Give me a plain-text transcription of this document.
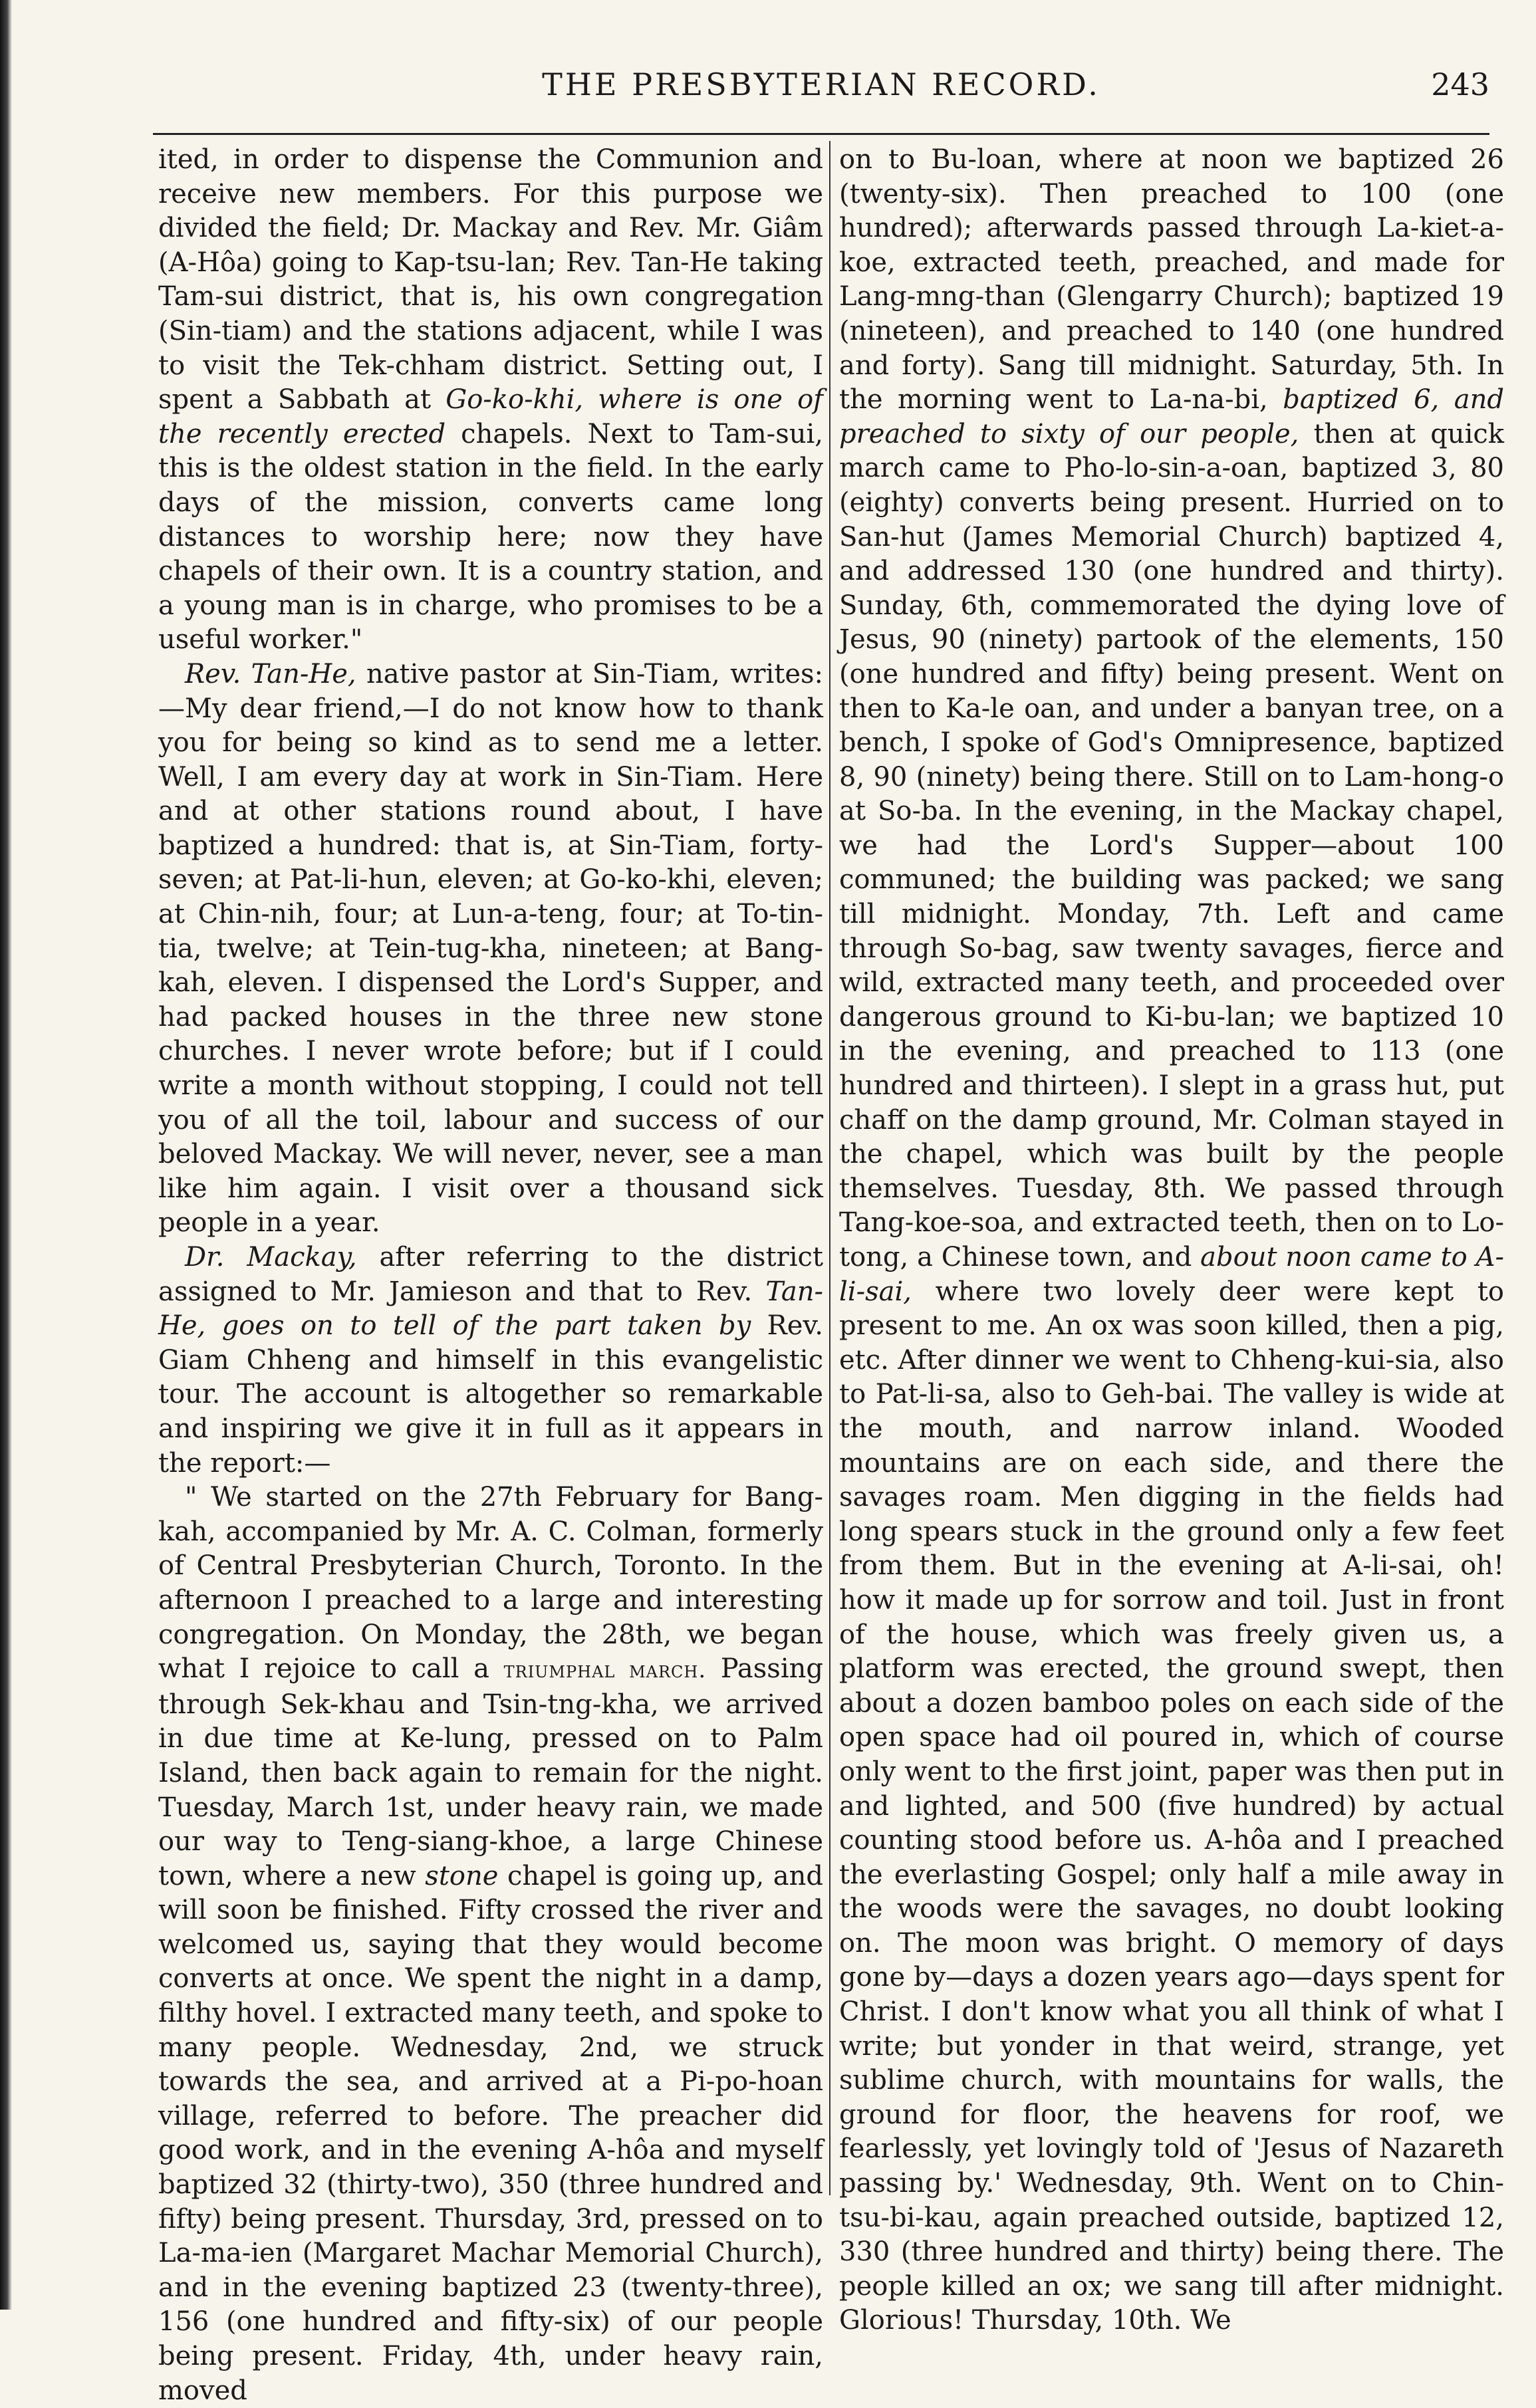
THE PRESBYTERIAN RECORD.	243

ited, in order to dispense the Communion and receive new members. For this purpose we divided the field; Dr. Mackay and Rev. Mr. Giâm (A-Hôa) going to Kap-tsu-lan; Rev. Tan-He taking Tam-sui district, that is, his own congregation (Sin-tiam) and the stations adjacent, while I was to visit the Tek-chham district. Setting out, I spent a Sabbath at Go-ko-khi, where is one of the recently erected chapels. Next to Tam-sui, this is the oldest station in the field. In the early days of the mission, converts came long distances to worship here; now they have chapels of their own. It is a country station, and a young man is in charge, who promises to be a useful worker."

Rev. Tan-He, native pastor at Sin-Tiam, writes:—My dear friend,—I do not know how to thank you for being so kind as to send me a letter. Well, I am every day at work in Sin-Tiam. Here and at other stations round about, I have baptized a hundred: that is, at Sin-Tiam, forty-seven; at Pat-li-hun, eleven; at Go-ko-khi, eleven; at Chin-nih, four; at Lun-a-teng, four; at To-tin-tia, twelve; at Tein-tug-kha, nineteen; at Bang-kah, eleven. I dispensed the Lord's Supper, and had packed houses in the three new stone churches. I never wrote before; but if I could write a month without stopping, I could not tell you of all the toil, labour and success of our beloved Mackay. We will never, never, see a man like him again. I visit over a thousand sick people in a year.

Dr. Mackay, after referring to the district assigned to Mr. Jamieson and that to Rev. Tan-He, goes on to tell of the part taken by Rev. Giam Chheng and himself in this evangelistic tour. The account is altogether so remarkable and inspiring we give it in full as it appears in the report:—

" We started on the 27th February for Bang-kah, accompanied by Mr. A. C. Colman, formerly of Central Presbyterian Church, Toronto. In the afternoon I preached to a large and interesting congregation. On Monday, the 28th, we began what I rejoice to call a triumphal march. Passing through Sek-khau and Tsin-tng-kha, we arrived in due time at Ke-lung, pressed on to Palm Island, then back again to remain for the night. Tuesday, March 1st, under heavy rain, we made our way to Teng-siang-khoe, a large Chinese town, where a new stone chapel is going up, and will soon be finished. Fifty crossed the river and welcomed us, saying that they would become converts at once. We spent the night in a damp, filthy hovel. I extracted many teeth, and spoke to many people. Wednesday, 2nd, we struck towards the sea, and arrived at a Pi-po-hoan village, referred to before. The preacher did good work, and in the evening A-hôa and myself baptized 32 (thirty-two), 350 (three hundred and fifty) being present. Thursday, 3rd, pressed on to La-ma-ien (Margaret Machar Memorial Church), and in the evening baptized 23 (twenty-three), 156 (one hundred and fifty-six) of our people being present. Friday, 4th, under heavy rain, moved

on to Bu-loan, where at noon we baptized 26 (twenty-six). Then preached to 100 (one hundred); afterwards passed through La-kiet-a-koe, extracted teeth, preached, and made for Lang-mng-than (Glengarry Church); baptized 19 (nineteen), and preached to 140 (one hundred and forty). Sang till midnight. Saturday, 5th. In the morning went to La-na-bi, baptized 6, and preached to sixty of our people, then at quick march came to Pho-lo-sin-a-oan, baptized 3, 80 (eighty) converts being present. Hurried on to San-hut (James Memorial Church) baptized 4, and addressed 130 (one hundred and thirty). Sunday, 6th, commemorated the dying love of Jesus, 90 (ninety) partook of the elements, 150 (one hundred and fifty) being present. Went on then to Ka-le oan, and under a banyan tree, on a bench, I spoke of God's Omnipresence, baptized 8, 90 (ninety) being there. Still on to Lam-hong-o at So-ba. In the evening, in the Mackay chapel, we had the Lord's Supper—about 100 communed; the building was packed; we sang till midnight. Monday, 7th. Left and came through So-bag, saw twenty savages, fierce and wild, extracted many teeth, and proceeded over dangerous ground to Ki-bu-lan; we baptized 10 in the evening, and preached to 113 (one hundred and thirteen). I slept in a grass hut, put chaff on the damp ground, Mr. Colman stayed in the chapel, which was built by the people themselves. Tuesday, 8th. We passed through Tang-koe-soa, and extracted teeth, then on to Lo-tong, a Chinese town, and about noon came to A-li-sai, where two lovely deer were kept to present to me. An ox was soon killed, then a pig, etc. After dinner we went to Chheng-kui-sia, also to Pat-li-sa, also to Geh-bai. The valley is wide at the mouth, and narrow inland. Wooded mountains are on each side, and there the savages roam. Men digging in the fields had long spears stuck in the ground only a few feet from them. But in the evening at A-li-sai, oh! how it made up for sorrow and toil. Just in front of the house, which was freely given us, a platform was erected, the ground swept, then about a dozen bamboo poles on each side of the open space had oil poured in, which of course only went to the first joint, paper was then put in and lighted, and 500 (five hundred) by actual counting stood before us. A-hôa and I preached the everlasting Gospel; only half a mile away in the woods were the savages, no doubt looking on. The moon was bright. O memory of days gone by—days a dozen years ago—days spent for Christ. I don't know what you all think of what I write; but yonder in that weird, strange, yet sublime church, with mountains for walls, the ground for floor, the heavens for roof, we fearlessly, yet lovingly told of 'Jesus of Nazareth passing by.' Wednesday, 9th. Went on to Chin-tsu-bi-kau, again preached outside, baptized 12, 330 (three hundred and thirty) being there. The people killed an ox; we sang till after midnight. Glorious! Thursday, 10th. We
